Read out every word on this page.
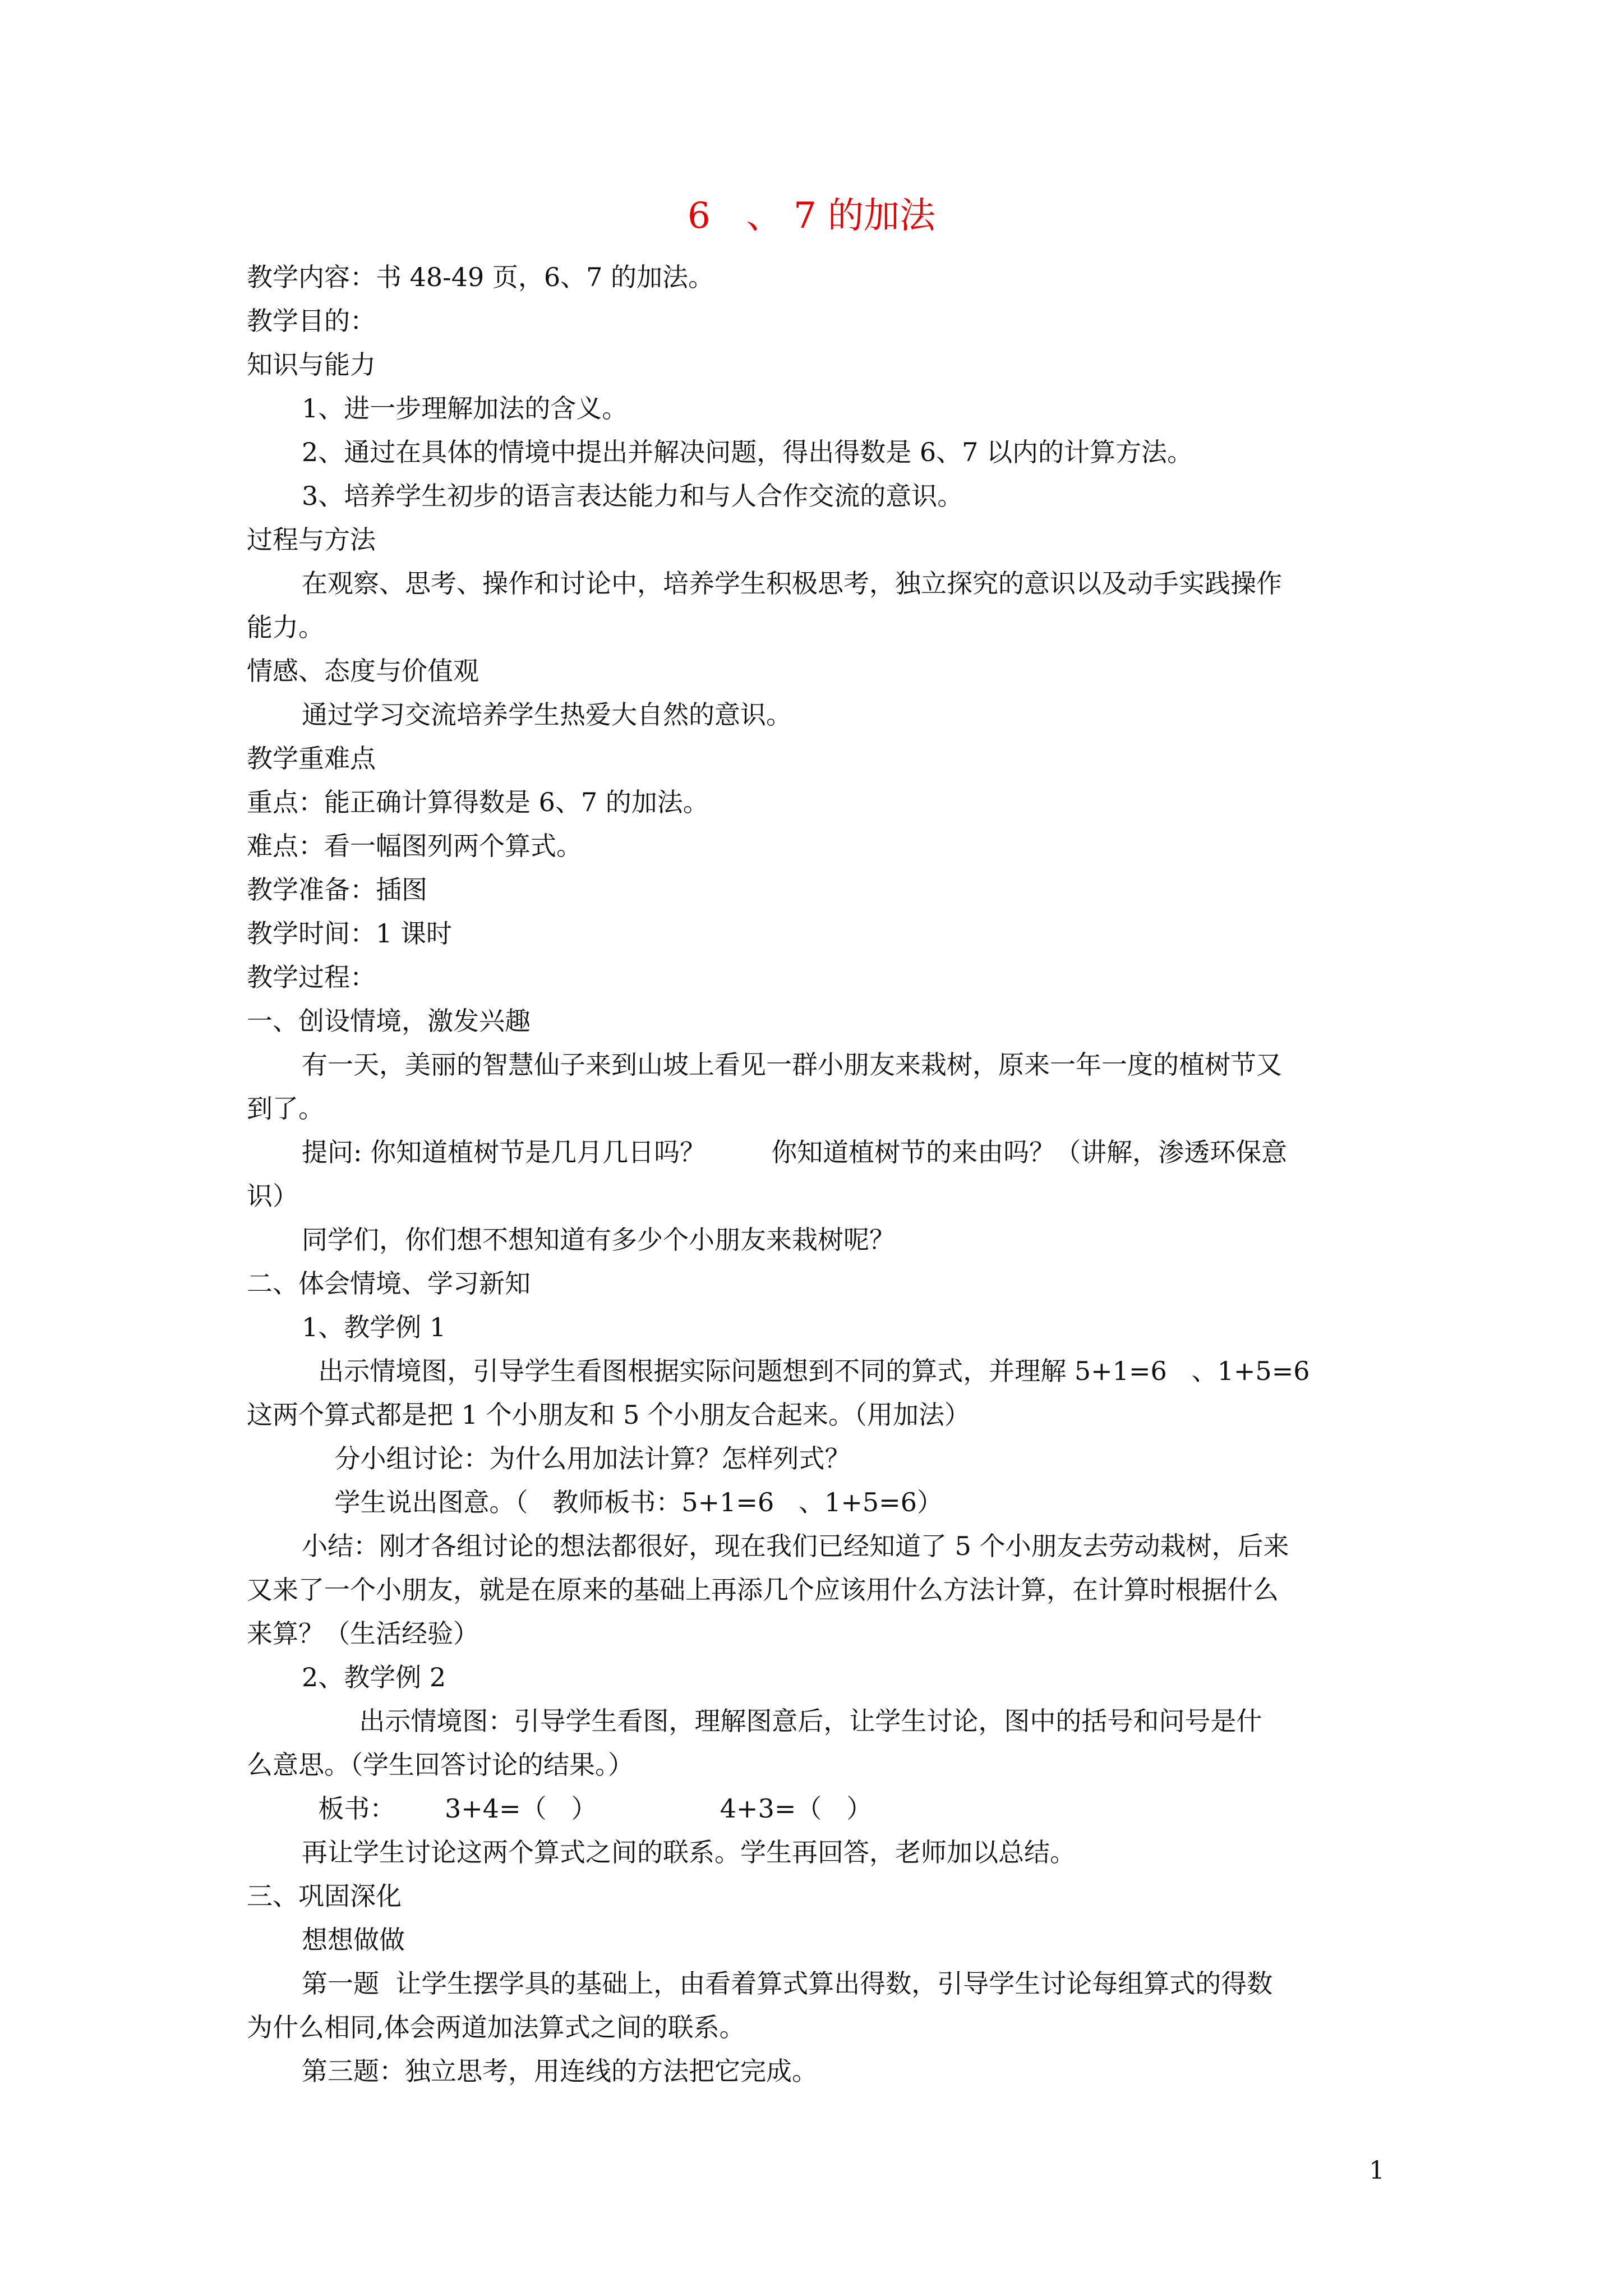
6　、 7 的加法
教学内容：书 48-49 页，6、7 的加法。
教学目的：
知识与能力
1、进一步理解加法的含义。
2、通过在具体的情境中提出并解决问题，得出得数是 6、7 以内的计算方法。
3、培养学生初步的语言表达能力和与人合作交流的意识。
过程与方法
在观察、思考、操作和讨论中，培养学生积极思考，独立探究的意识以及动手实践操作
能力。
情感、态度与价值观
通过学习交流培养学生热爱大自然的意识。
教学重难点
重点：能正确计算得数是 6、7 的加法。
难点：看一幅图列两个算式。
教学准备：插图
教学时间：1 课时
教学过程：
一、创设情境，激发兴趣
有一天，美丽的智慧仙子来到山坡上看见一群小朋友来栽树，原来一年一度的植树节又
到了。
提问: 你知道植树节是几月几日吗？        你知道植树节的来由吗？（讲解，渗透环保意
识）
同学们，你们想不想知道有多少个小朋友来栽树呢？
二、体会情境、学习新知
1、教学例 1
出示情境图，引导学生看图根据实际问题想到不同的算式，并理解 5+1=6   、1+5=6
这两个算式都是把 1 个小朋友和 5 个小朋友合起来。（用加法）
分小组讨论：为什么用加法计算？怎样列式？
学生说出图意。（   教师板书：5+1=6   、1+5=6）
小结：刚才各组讨论的想法都很好，现在我们已经知道了 5 个小朋友去劳动栽树，后来
又来了一个小朋友，就是在原来的基础上再添几个应该用什么方法计算，在计算时根据什么
来算？（生活经验）
2、教学例 2
出示情境图：引导学生看图，理解图意后，让学生讨论，图中的括号和问号是什
么意思。（学生回答讨论的结果。）
板书：      3+4=（   ）               4+3=（   ）
再让学生讨论这两个算式之间的联系。学生再回答，老师加以总结。
三、巩固深化
想想做做
第一题  让学生摆学具的基础上，由看着算式算出得数，引导学生讨论每组算式的得数
为什么相同,体会两道加法算式之间的联系。
第三题：独立思考，用连线的方法把它完成。
1
